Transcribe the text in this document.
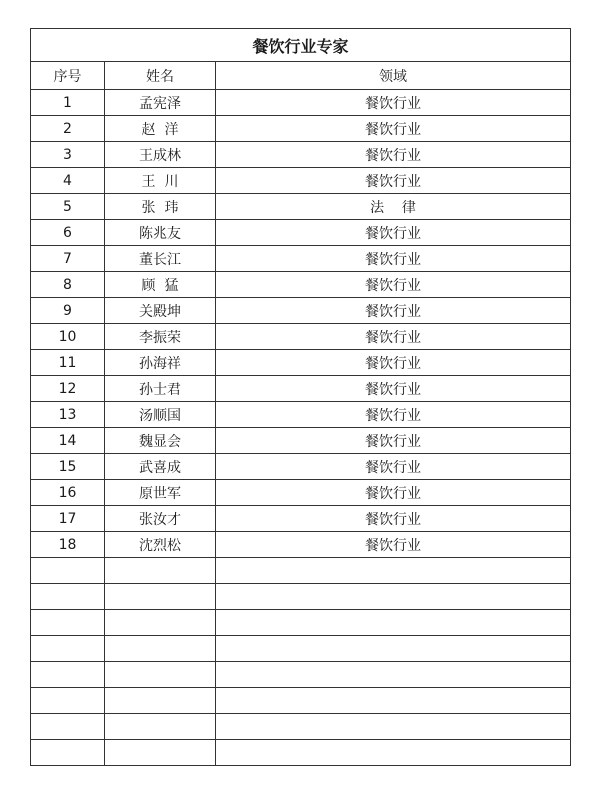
餐饮行业专家		
序号	姓名	领域
1	孟宪泽	餐饮行业
2	赵  洋	餐饮行业
3	王成林	餐饮行业
4	王  川	餐饮行业
5	张  玮	法    律
6	陈兆友	餐饮行业
7	董长江	餐饮行业
8	顾  猛	餐饮行业
9	关殿坤	餐饮行业
10	李振荣	餐饮行业
11	孙海祥	餐饮行业
12	孙士君	餐饮行业
13	汤顺国	餐饮行业
14	魏显会	餐饮行业
15	武喜成	餐饮行业
16	原世军	餐饮行业
17	张汝才	餐饮行业
18	沈烈松	餐饮行业
